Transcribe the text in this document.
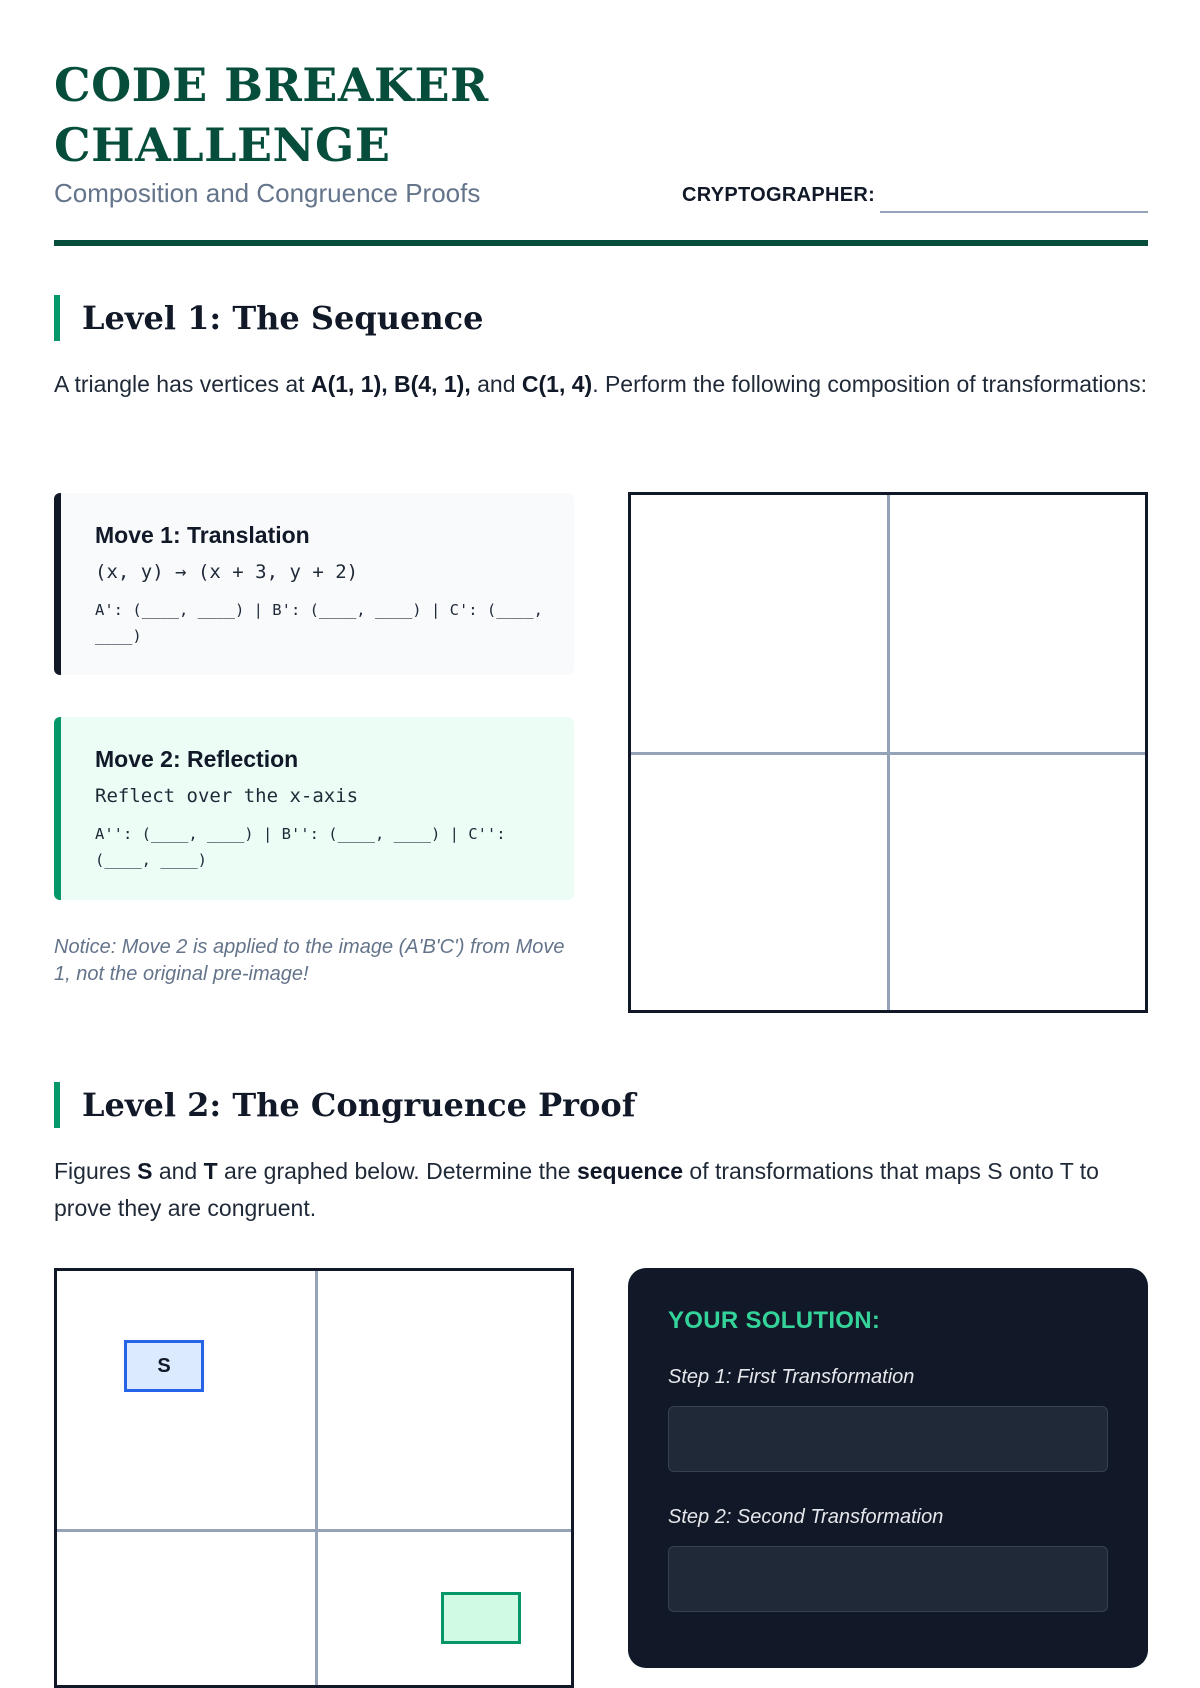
CODE BREAKER CHALLENGE

Composition and Congruence Proofs	CRYPTOGRAPHER:
Level 1: The Sequence

A triangle has vertices at A(1, 1), B(4, 1), and C(1, 4). Perform the following composition of transformations:

Move 1: Translation
(x, y) → (x + 3, y + 2)
A': (____, ____) | B': (____, ____) | C': (____, ____)
Move 2: Reflection
Reflect over the x-axis
A'': (____, ____) | B'': (____, ____) | C'': (____, ____)

Notice: Move 2 is applied to the image (A'B'C') from Move 1, not the original pre-image!

Level 2: The Congruence Proof

Figures S and T are graphed below. Determine the sequence of transformations that maps S onto T to prove they are congruent.

S
YOUR SOLUTION:
Step 1: First Transformation
Step 2: Second Transformation
